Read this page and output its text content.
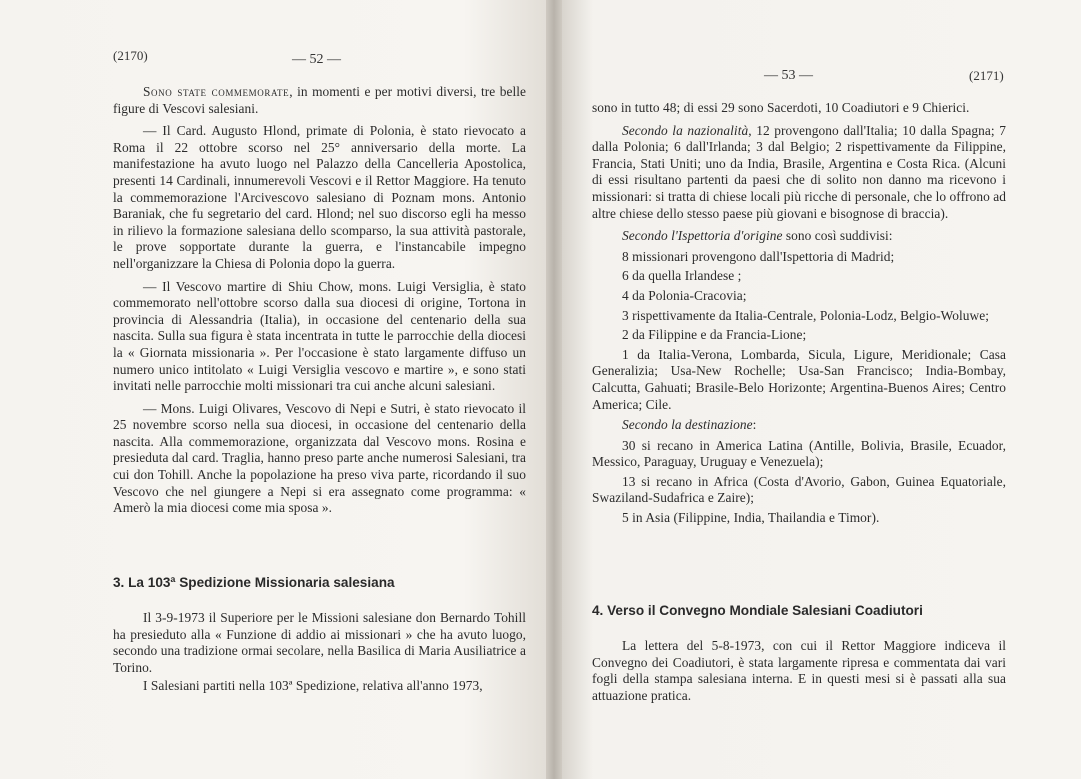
(2170)	— 52 —

Sono state commemorate, in momenti e per motivi diversi, tre belle figure di Vescovi salesiani.

— Il Card. Augusto Hlond, primate di Polonia, è stato rievocato a Roma il 22 ottobre scorso nel 25° anniversario della morte. La manifestazione ha avuto luogo nel Palazzo della Cancelleria Apostolica, presenti 14 Cardinali, innumerevoli Vescovi e il Rettor Maggiore. Ha tenuto la commemorazione l'Arcivescovo salesiano di Poznam mons. Antonio Baraniak, che fu segretario del card. Hlond; nel suo discorso egli ha messo in rilievo la formazione salesiana dello scomparso, la sua attività pastorale, le prove sopportate durante la guerra, e l'instancabile impegno nell'organizzare la Chiesa di Polonia dopo la guerra.

— Il Vescovo martire di Shiu Chow, mons. Luigi Versiglia, è stato commemorato nell'ottobre scorso dalla sua diocesi di origine, Tortona in provincia di Alessandria (Italia), in occasione del centenario della sua nascita. Sulla sua figura è stata incentrata in tutte le parrocchie della diocesi la « Giornata missionaria ». Per l'occasione è stato largamente diffuso un numero unico intitolato « Luigi Versiglia vescovo e martire », e sono stati invitati nelle parrocchie molti missionari tra cui anche alcuni salesiani.

— Mons. Luigi Olivares, Vescovo di Nepi e Sutri, è stato rievocato il 25 novembre scorso nella sua diocesi, in occasione del centenario della nascita. Alla commemorazione, organizzata dal Vescovo mons. Rosina e presieduta dal card. Traglia, hanno preso parte anche numerosi Salesiani, tra cui don Tohill. Anche la popolazione ha preso viva parte, ricordando il suo Vescovo che nel giungere a Nepi si era assegnato come programma: « Amerò la mia diocesi come mia sposa ».

3. La 103ª Spedizione Missionaria salesiana

Il 3-9-1973 il Superiore per le Missioni salesiane don Bernardo Tohill ha presieduto alla « Funzione di addio ai missionari » che ha avuto luogo, secondo una tradizione ormai secolare, nella Basilica di Maria Ausiliatrice a Torino.

I Salesiani partiti nella 103ª Spedizione, relativa all'anno 1973,

— 53 —	(2171)

sono in tutto 48; di essi 29 sono Sacerdoti, 10 Coadiutori e 9 Chierici.

Secondo la nazionalità, 12 provengono dall'Italia; 10 dalla Spagna; 7 dalla Polonia; 6 dall'Irlanda; 3 dal Belgio; 2 rispettivamente da Filippine, Francia, Stati Uniti; uno da India, Brasile, Argentina e Costa Rica. (Alcuni di essi risultano partenti da paesi che di solito non danno ma ricevono i missionari: si tratta di chiese locali più ricche di personale, che lo offrono ad altre chiese dello stesso paese più giovani e bisognose di braccia).

Secondo l'Ispettoria d'origine sono così suddivisi:

8 missionari provengono dall'Ispettoria di Madrid;

6 da quella Irlandese ;

4 da Polonia-Cracovia;

3 rispettivamente da Italia-Centrale, Polonia-Lodz, Belgio-Woluwe;

2 da Filippine e da Francia-Lione;

1 da Italia-Verona, Lombarda, Sicula, Ligure, Meridionale; Casa Generalizia; Usa-New Rochelle; Usa-San Francisco; India-Bombay, Calcutta, Gahuati; Brasile-Belo Horizonte; Argentina-Buenos Aires; Centro America; Cile.

Secondo la destinazione:

30 si recano in America Latina (Antille, Bolivia, Brasile, Ecuador, Messico, Paraguay, Uruguay e Venezuela);

13 si recano in Africa (Costa d'Avorio, Gabon, Guinea Equatoriale, Swaziland-Sudafrica e Zaire);

5 in Asia (Filippine, India, Thailandia e Timor).

4. Verso il Convegno Mondiale Salesiani Coadiutori

La lettera del 5-8-1973, con cui il Rettor Maggiore indiceva il Convegno dei Coadiutori, è stata largamente ripresa e commentata dai vari fogli della stampa salesiana interna. E in questi mesi si è passati alla sua attuazione pratica.
